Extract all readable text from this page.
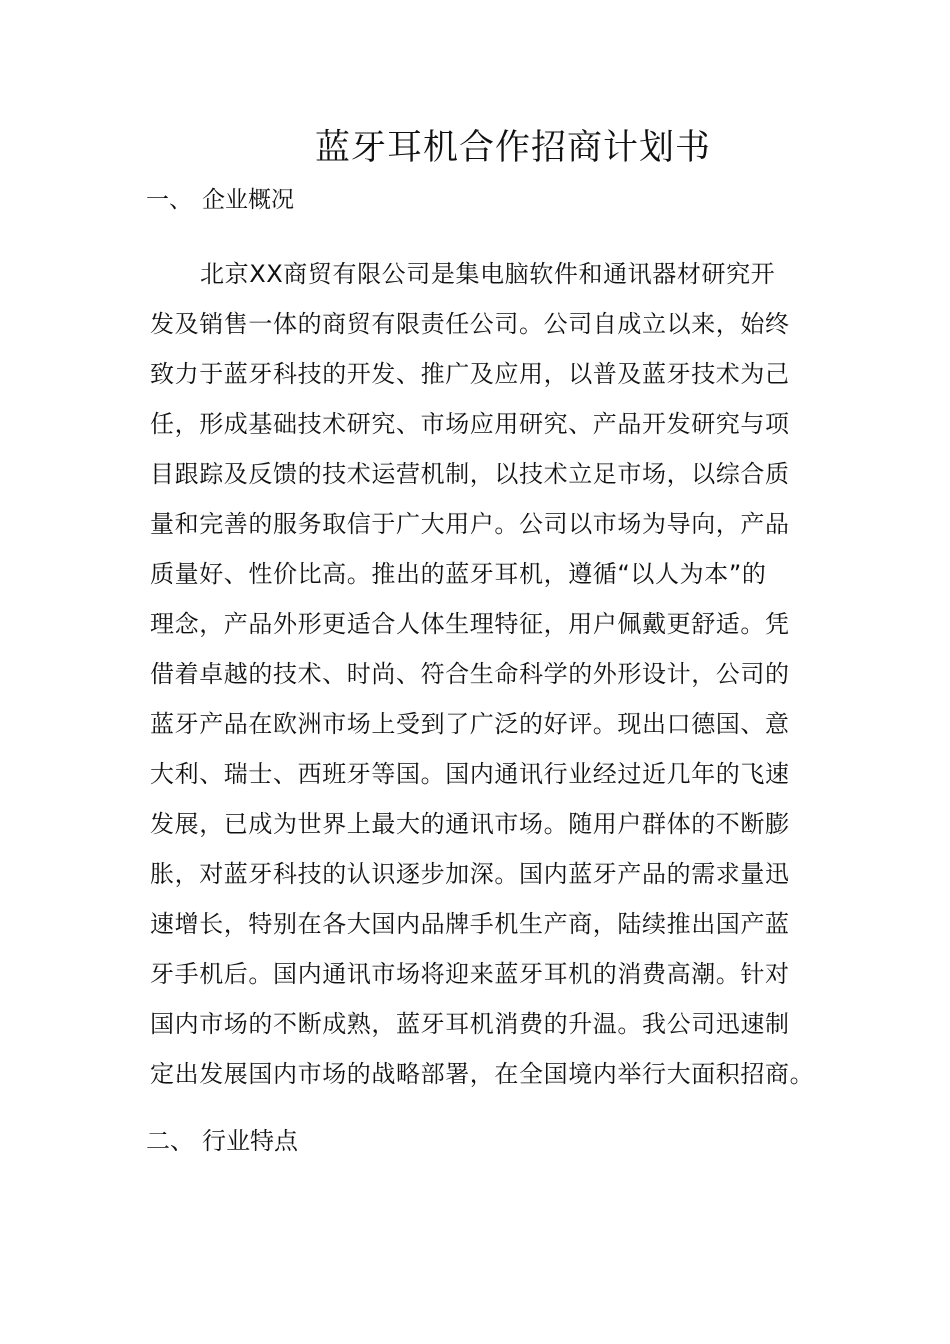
蓝牙耳机合作招商计划书
一、 企业概况
北京XX商贸有限公司是集电脑软件和通讯器材研究开
发及销售一体的商贸有限责任公司。公司自成立以来，始终
致力于蓝牙科技的开发、推广及应用，以普及蓝牙技术为己
任，形成基础技术研究、市场应用研究、产品开发研究与项
目跟踪及反馈的技术运营机制，以技术立足市场，以综合质
量和完善的服务取信于广大用户。公司以市场为导向，产品
质量好、性价比高。推出的蓝牙耳机，遵循“以人为本”的
理念，产品外形更适合人体生理特征，用户佩戴更舒适。凭
借着卓越的技术、时尚、符合生命科学的外形设计，公司的
蓝牙产品在欧洲市场上受到了广泛的好评。现出口德国、意
大利、瑞士、西班牙等国。国内通讯行业经过近几年的飞速
发展，已成为世界上最大的通讯市场。随用户群体的不断膨
胀，对蓝牙科技的认识逐步加深。国内蓝牙产品的需求量迅
速增长，特别在各大国内品牌手机生产商，陆续推出国产蓝
牙手机后。国内通讯市场将迎来蓝牙耳机的消费高潮。针对
国内市场的不断成熟，蓝牙耳机消费的升温。我公司迅速制
定出发展国内市场的战略部署，在全国境内举行大面积招商。
二、 行业特点
